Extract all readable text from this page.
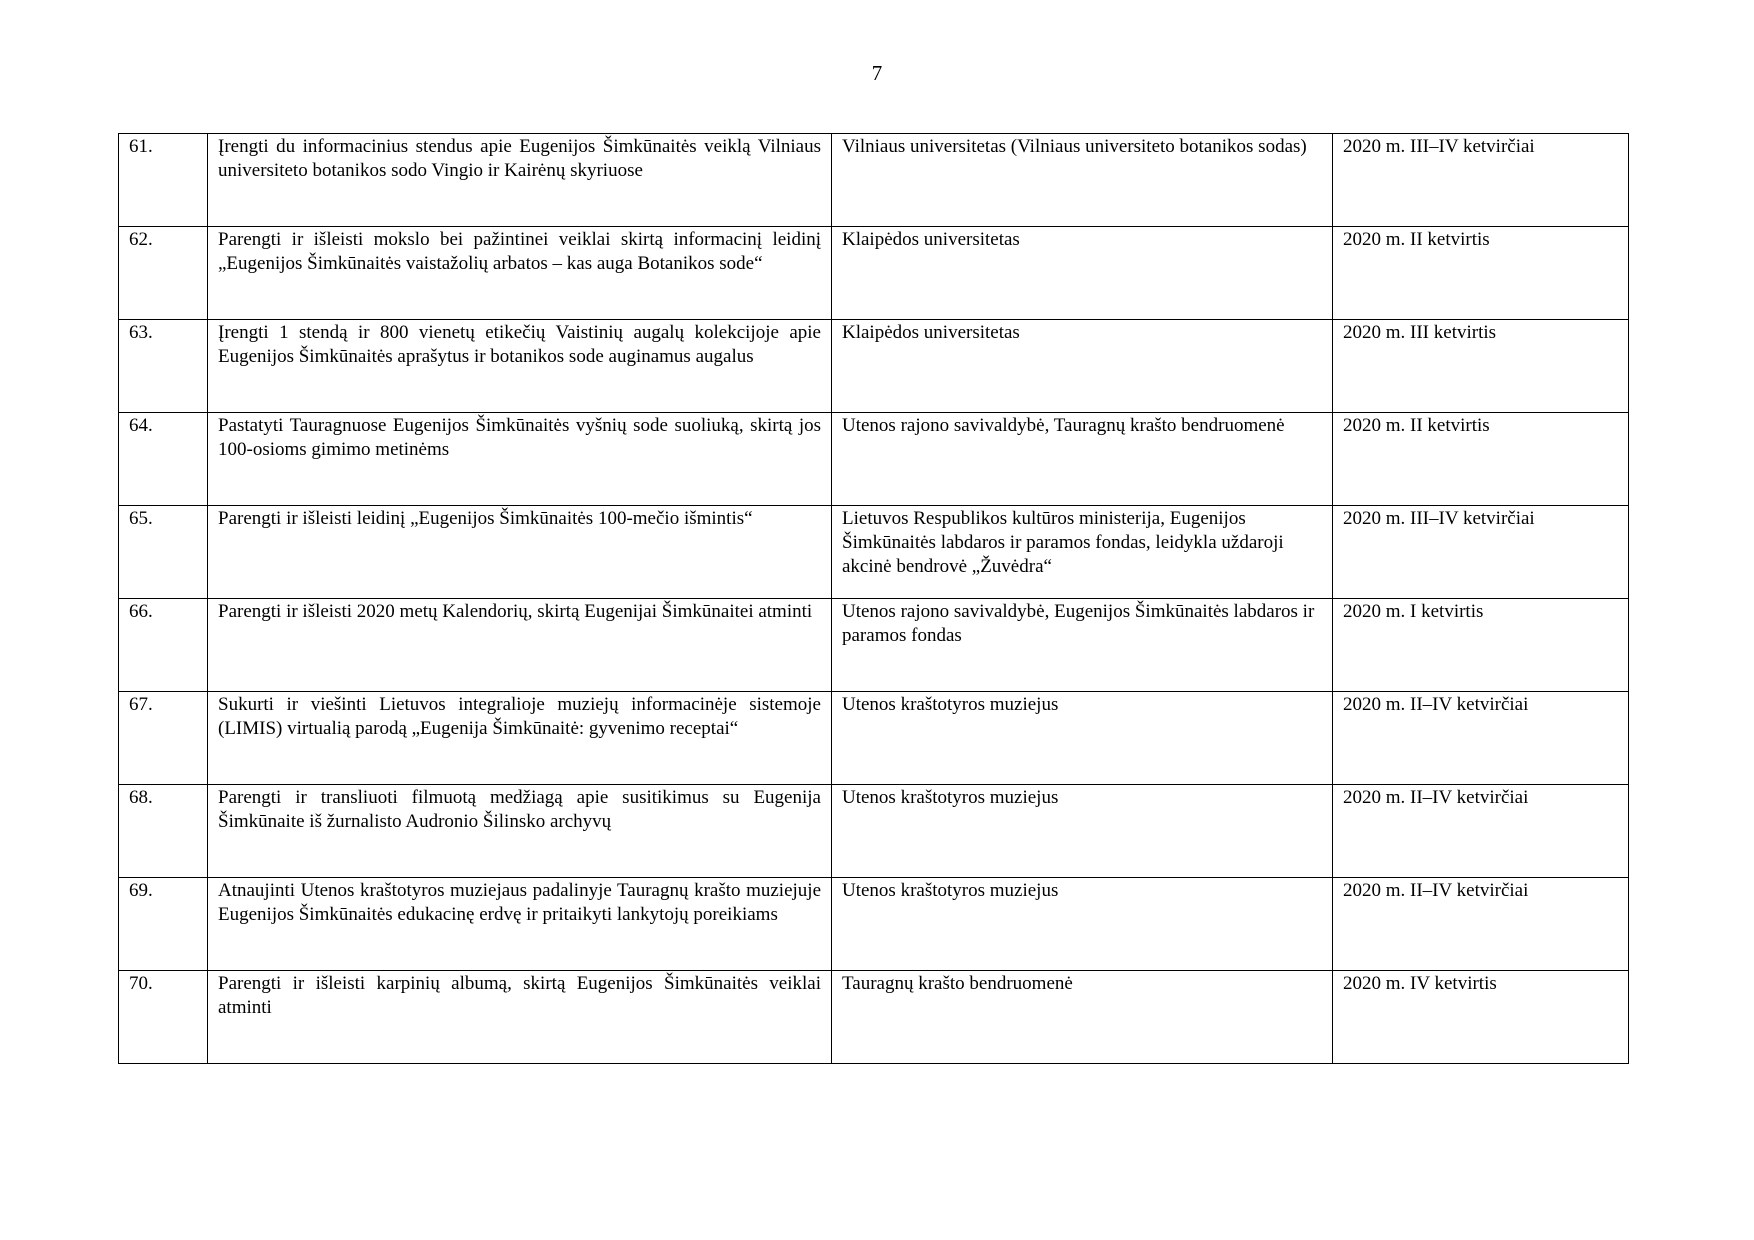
7
61.	Įrengti du informacinius stendus apie Eugenijos Šimkūnaitės veiklą Vilniaus universiteto botanikos sodo Vingio ir Kairėnų skyriuose	Vilniaus universitetas (Vilniaus universiteto botanikos sodas)	2020 m. III–IV ketvirčiai
62.	Parengti ir išleisti mokslo bei pažintinei veiklai skirtą informacinį leidinį „Eugenijos Šimkūnaitės vaistažolių arbatos – kas auga Botanikos sode“	Klaipėdos universitetas	2020 m. II ketvirtis
63.	Įrengti 1 stendą ir 800 vienetų etikečių Vaistinių augalų kolekcijoje apie Eugenijos Šimkūnaitės aprašytus ir botanikos sode auginamus augalus	Klaipėdos universitetas	2020 m. III ketvirtis
64.	Pastatyti Tauragnuose Eugenijos Šimkūnaitės vyšnių sode suoliuką, skirtą jos 100-osioms gimimo metinėms	Utenos rajono savivaldybė, Tauragnų krašto bendruomenė	2020 m. II ketvirtis
65.	Parengti ir išleisti leidinį „Eugenijos Šimkūnaitės 100-mečio išmintis“	Lietuvos Respublikos kultūros ministerija, Eugenijos Šimkūnaitės labdaros ir paramos fondas, leidykla uždaroji akcinė bendrovė „Žuvėdra“	2020 m. III–IV ketvirčiai
66.	Parengti ir išleisti 2020 metų Kalendorių, skirtą Eugenijai Šimkūnaitei atminti	Utenos rajono savivaldybė, Eugenijos Šimkūnaitės labdaros ir paramos fondas	2020 m. I ketvirtis
67.	Sukurti ir viešinti Lietuvos integralioje muziejų informacinėje sistemoje (LIMIS) virtualią parodą „Eugenija Šimkūnaitė: gyvenimo receptai“	Utenos kraštotyros muziejus	2020 m. II–IV ketvirčiai
68.	Parengti ir transliuoti filmuotą medžiagą apie susitikimus su Eugenija Šimkūnaite iš žurnalisto Audronio Šilinsko archyvų	Utenos kraštotyros muziejus	2020 m. II–IV ketvirčiai
69.	Atnaujinti Utenos kraštotyros muziejaus padalinyje Tauragnų krašto muziejuje Eugenijos Šimkūnaitės edukacinę erdvę ir pritaikyti lankytojų poreikiams	Utenos kraštotyros muziejus	2020 m. II–IV ketvirčiai
70.	Parengti ir išleisti karpinių albumą, skirtą Eugenijos Šimkūnaitės veiklai atminti	Tauragnų krašto bendruomenė	2020 m. IV ketvirtis
